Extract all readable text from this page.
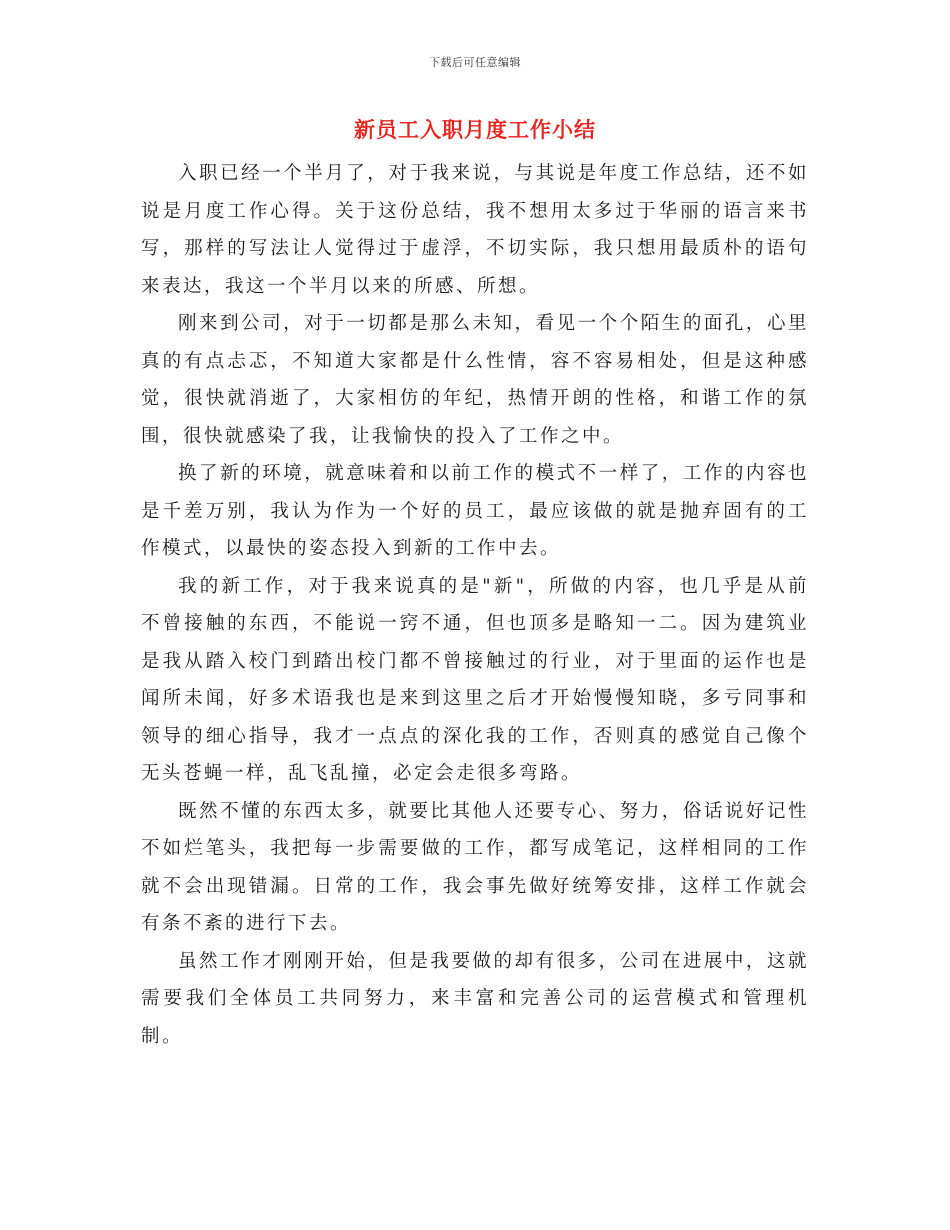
下载后可任意编辑
新员工入职月度工作小结

入职已经一个半月了，对于我来说，与其说是年度工作总结，还不如说是月度工作心得。关于这份总结，我不想用太多过于华丽的语言来书写，那样的写法让人觉得过于虚浮，不切实际，我只想用最质朴的语句来表达，我这一个半月以来的所感、所想。

刚来到公司，对于一切都是那么未知，看见一个个陌生的面孔，心里真的有点忐忑，不知道大家都是什么性情，容不容易相处，但是这种感觉，很快就消逝了，大家相仿的年纪，热情开朗的性格，和谐工作的氛围，很快就感染了我，让我愉快的投入了工作之中。

换了新的环境，就意味着和以前工作的模式不一样了，工作的内容也是千差万别，我认为作为一个好的员工，最应该做的就是抛弃固有的工作模式，以最快的姿态投入到新的工作中去。

我的新工作，对于我来说真的是"新"，所做的内容，也几乎是从前不曾接触的东西，不能说一窍不通，但也顶多是略知一二。因为建筑业是我从踏入校门到踏出校门都不曾接触过的行业，对于里面的运作也是闻所未闻，好多术语我也是来到这里之后才开始慢慢知晓，多亏同事和领导的细心指导，我才一点点的深化我的工作，否则真的感觉自己像个无头苍蝇一样，乱飞乱撞，必定会走很多弯路。

既然不懂的东西太多，就要比其他人还要专心、努力，俗话说好记性不如烂笔头，我把每一步需要做的工作，都写成笔记，这样相同的工作就不会出现错漏。日常的工作，我会事先做好统筹安排，这样工作就会有条不紊的进行下去。

虽然工作才刚刚开始，但是我要做的却有很多，公司在进展中，这就需要我们全体员工共同努力，来丰富和完善公司的运营模式和管理机制。
